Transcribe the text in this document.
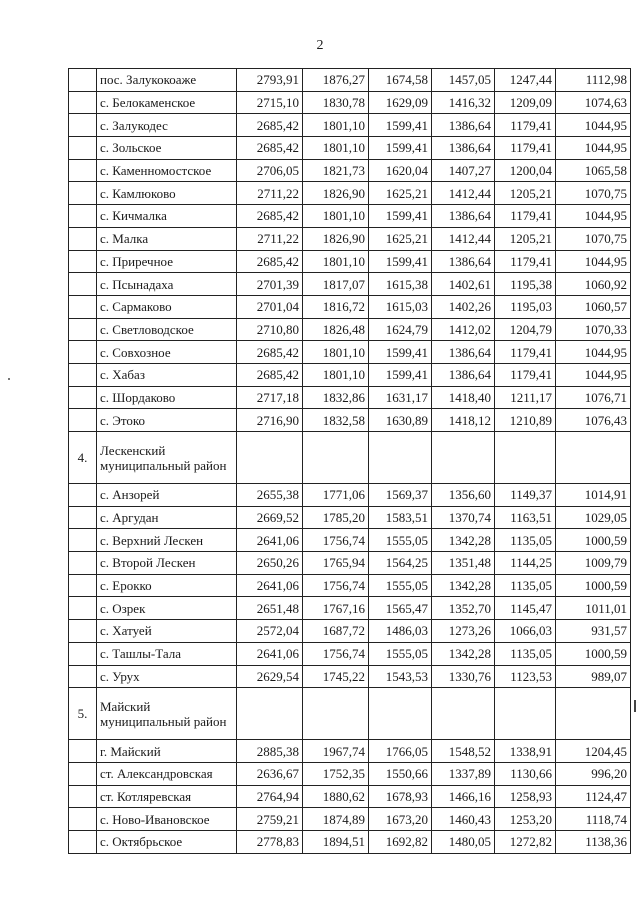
2
	пос. Залукокоаже	2793,91	1876,27	1674,58	1457,05	1247,44	1112,98
	с. Белокаменское	2715,10	1830,78	1629,09	1416,32	1209,09	1074,63
	с. Залукодес	2685,42	1801,10	1599,41	1386,64	1179,41	1044,95
	с. Зольское	2685,42	1801,10	1599,41	1386,64	1179,41	1044,95
	с. Каменномостское	2706,05	1821,73	1620,04	1407,27	1200,04	1065,58
	с. Камлюково	2711,22	1826,90	1625,21	1412,44	1205,21	1070,75
	с. Кичмалка	2685,42	1801,10	1599,41	1386,64	1179,41	1044,95
	с. Малка	2711,22	1826,90	1625,21	1412,44	1205,21	1070,75
	с. Приречное	2685,42	1801,10	1599,41	1386,64	1179,41	1044,95
	с. Псынадаха	2701,39	1817,07	1615,38	1402,61	1195,38	1060,92
	с. Сармаково	2701,04	1816,72	1615,03	1402,26	1195,03	1060,57
	с. Светловодское	2710,80	1826,48	1624,79	1412,02	1204,79	1070,33
	с. Совхозное	2685,42	1801,10	1599,41	1386,64	1179,41	1044,95
	с. Хабаз	2685,42	1801,10	1599,41	1386,64	1179,41	1044,95
	с. Шордаково	2717,18	1832,86	1631,17	1418,40	1211,17	1076,71
	с. Этоко	2716,90	1832,58	1630,89	1418,12	1210,89	1076,43
4.	Лескенский муниципальный район						
	с. Анзорей	2655,38	1771,06	1569,37	1356,60	1149,37	1014,91
	с. Аргудан	2669,52	1785,20	1583,51	1370,74	1163,51	1029,05
	с. Верхний Лескен	2641,06	1756,74	1555,05	1342,28	1135,05	1000,59
	с. Второй Лескен	2650,26	1765,94	1564,25	1351,48	1144,25	1009,79
	с. Ерокко	2641,06	1756,74	1555,05	1342,28	1135,05	1000,59
	с. Озрек	2651,48	1767,16	1565,47	1352,70	1145,47	1011,01
	с. Хатуей	2572,04	1687,72	1486,03	1273,26	1066,03	931,57
	с. Ташлы-Тала	2641,06	1756,74	1555,05	1342,28	1135,05	1000,59
	с. Урух	2629,54	1745,22	1543,53	1330,76	1123,53	989,07
5.	Майский муниципальный район						
	г. Майский	2885,38	1967,74	1766,05	1548,52	1338,91	1204,45
	ст. Александровская	2636,67	1752,35	1550,66	1337,89	1130,66	996,20
	ст. Котляревская	2764,94	1880,62	1678,93	1466,16	1258,93	1124,47
	с. Ново-Ивановское	2759,21	1874,89	1673,20	1460,43	1253,20	1118,74
	с. Октябрьское	2778,83	1894,51	1692,82	1480,05	1272,82	1138,36
